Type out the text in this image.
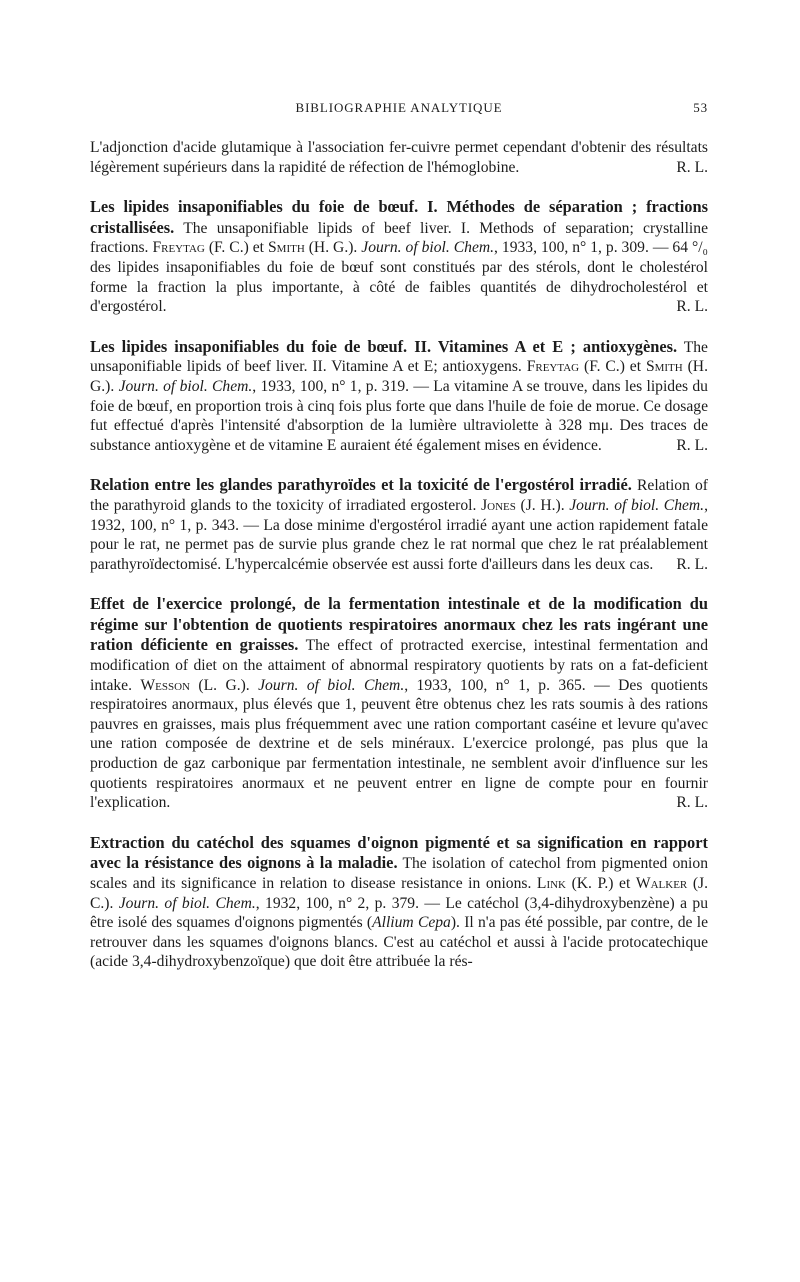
BIBLIOGRAPHIE ANALYTIQUE	53
L'adjonction d'acide glutamique à l'association fer-cuivre permet cependant d'obtenir des résultats légèrement supérieurs dans la rapidité de réfection de l'hémoglobine.	R. L.
Les lipides insaponifiables du foie de bœuf. I. Méthodes de séparation ; fractions cristallisées. The unsaponifiable lipids of beef liver. I. Methods of separation; crystalline fractions. Freytag (F. C.) et Smith (H. G.). Journ. of biol. Chem., 1933, 100, n° 1, p. 309. — 64 °/₀ des lipides insaponifiables du foie de bœuf sont constitués par des stérols, dont le cholestérol forme la fraction la plus importante, à côté de faibles quantités de dihydrocholestérol et d'ergostérol.	R. L.
Les lipides insaponifiables du foie de bœuf. II. Vitamines A et E ; antioxygènes. The unsaponifiable lipids of beef liver. II. Vitamine A et E; antioxygens. Freytag (F. C.) et Smith (H. G.). Journ. of biol. Chem., 1933, 100, n° 1, p. 319. — La vitamine A se trouve, dans les lipides du foie de bœuf, en proportion trois à cinq fois plus forte que dans l'huile de foie de morue. Ce dosage fut effectué d'après l'intensité d'absorption de la lumière ultraviolette à 328 mμ. Des traces de substance antioxygène et de vitamine E auraient été également mises en évidence.	R. L.
Relation entre les glandes parathyroïdes et la toxicité de l'ergostérol irradié. Relation of the parathyroid glands to the toxicity of irradiated ergosterol. Jones (J. H.). Journ. of biol. Chem., 1932, 100, n° 1, p. 343. — La dose minime d'ergostérol irradié ayant une action rapidement fatale pour le rat, ne permet pas de survie plus grande chez le rat normal que chez le rat préalablement parathyroïdectomisé. L'hypercalcémie observée est aussi forte d'ailleurs dans les deux cas. R. L.
Effet de l'exercice prolongé, de la fermentation intestinale et de la modification du régime sur l'obtention de quotients respiratoires anormaux chez les rats ingérant une ration déficiente en graisses. The effect of protracted exercise, intestinal fermentation and modification of diet on the attaiment of abnormal respiratory quotients by rats on a fat-deficient intake. Wesson (L. G.). Journ. of biol. Chem., 1933, 100, n° 1, p. 365. — Des quotients respiratoires anormaux, plus élevés que 1, peuvent être obtenus chez les rats soumis à des rations pauvres en graisses, mais plus fréquemment avec une ration comportant caséine et levure qu'avec une ration composée de dextrine et de sels minéraux. L'exercice prolongé, pas plus que la production de gaz carbonique par fermentation intestinale, ne semblent avoir d'influence sur les quotients respiratoires anormaux et ne peuvent entrer en ligne de compte pour en fournir l'explication.	R. L.
Extraction du catéchol des squames d'oignon pigmenté et sa signification en rapport avec la résistance des oignons à la maladie. The isolation of catechol from pigmented onion scales and its significance in relation to disease resistance in onions. Link (K. P.) et Walker (J. C.). Journ. of biol. Chem., 1932, 100, n° 2, p. 379. — Le catéchol (3,4-dihydroxybenzène) a pu être isolé des squames d'oignons pigmentés (Allium Cepa). Il n'a pas été possible, par contre, de le retrouver dans les squames d'oignons blancs. C'est au catéchol et aussi à l'acide protocatechique (acide 3,4-dihydroxybenzoïque) que doit être attribuée la rés-
